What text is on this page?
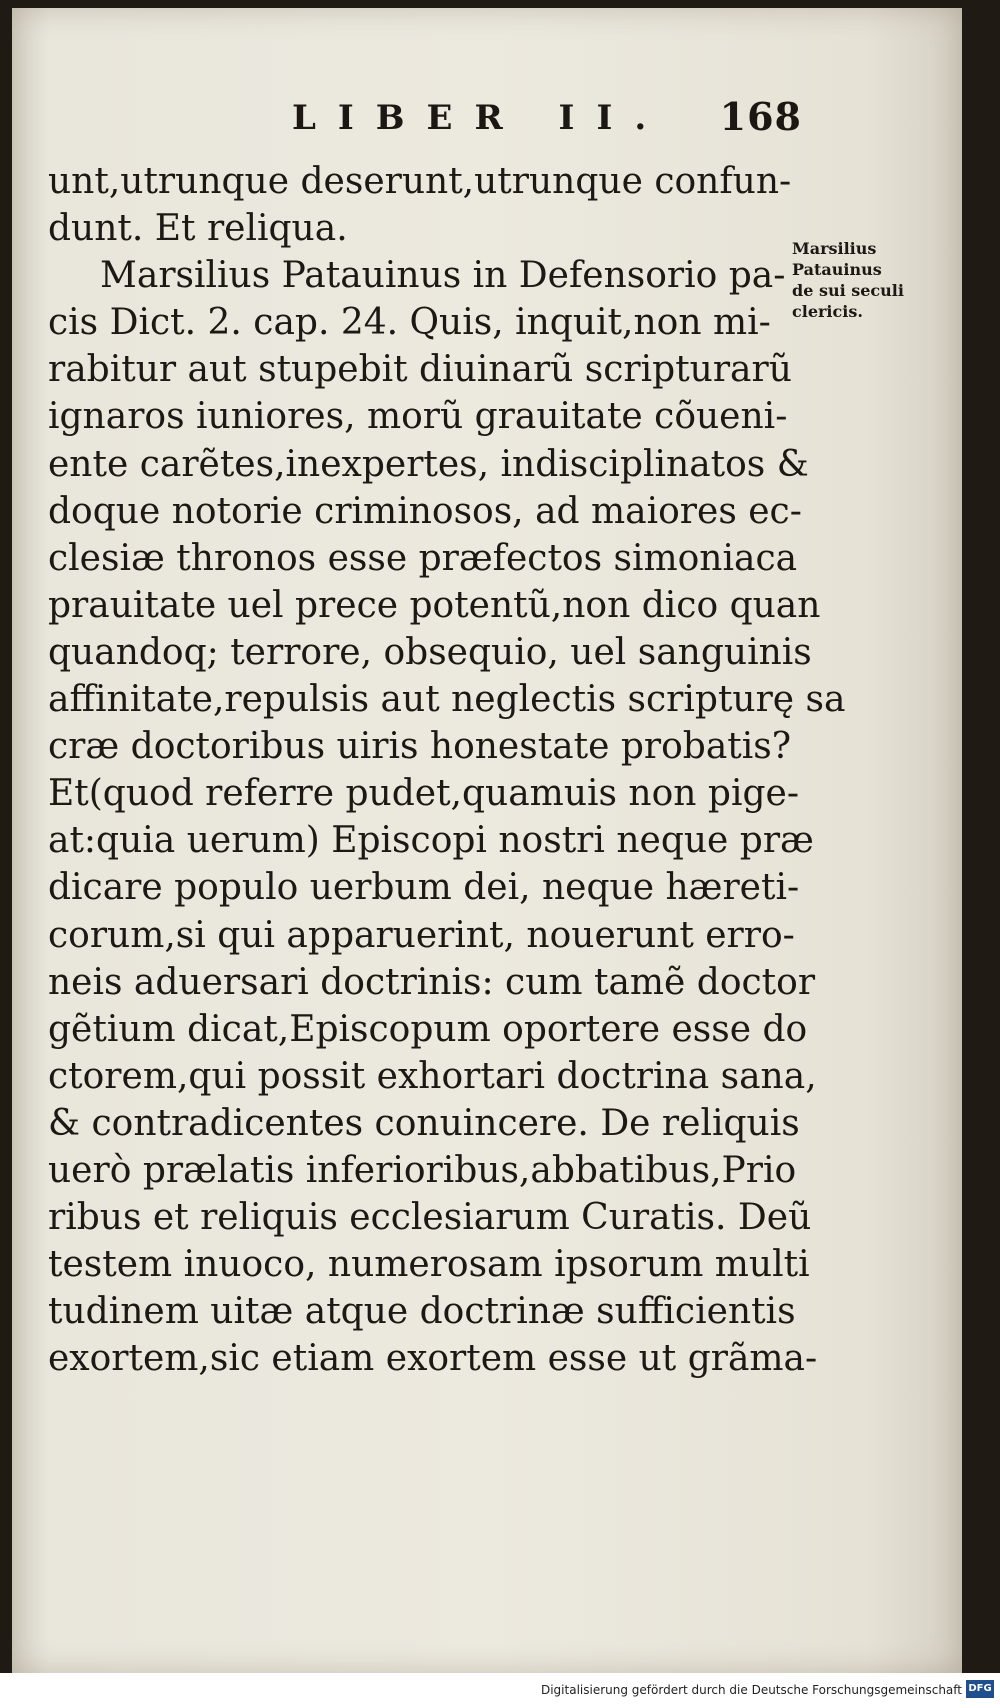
LIBER II. 168
unt,utrunque deserunt,utrunque confun-
dunt. Et reliqua.
Marsilius Patauinus in Defensorio pa-
cis Dict. 2. cap. 24. Quis, inquit,non mi-
rabitur aut stupebit diuinarũ scripturarũ
ignaros iuniores, morũ grauitate cõueni-
ente carẽtes,inexpertes, indisciplinatos &
doque notorie criminosos, ad maiores ec-
clesiæ thronos esse præfectos simoniaca
prauitate uel prece potentũ,non dico quan
quandoq; terrore, obsequio, uel sanguinis
affinitate,repulsis aut neglectis scripturę sa
cræ doctoribus uiris honestate probatis?
Et(quod referre pudet,quamuis non pige-
at:quia uerum) Episcopi nostri neque præ
dicare populo uerbum dei, neque hæreti-
corum,si qui apparuerint, nouerunt erro-
neis aduersari doctrinis: cum tamẽ doctor
gẽtium dicat,Episcopum oportere esse do
ctorem,qui possit exhortari doctrina sana,
& contradicentes conuincere. De reliquis
uerò prælatis inferioribus,abbatibus,Prio
ribus et reliquis ecclesiarum Curatis. Deũ
testem inuoco, numerosam ipsorum multi
tudinem uitæ atque doctrinæ sufficientis
exortem,sic etiam exortem esse ut grãma-
Marsilius
Patauinus
de sui seculi
clericis.
Digitalisierung gefördert durch die Deutsche Forschungsgemeinschaft DFG
